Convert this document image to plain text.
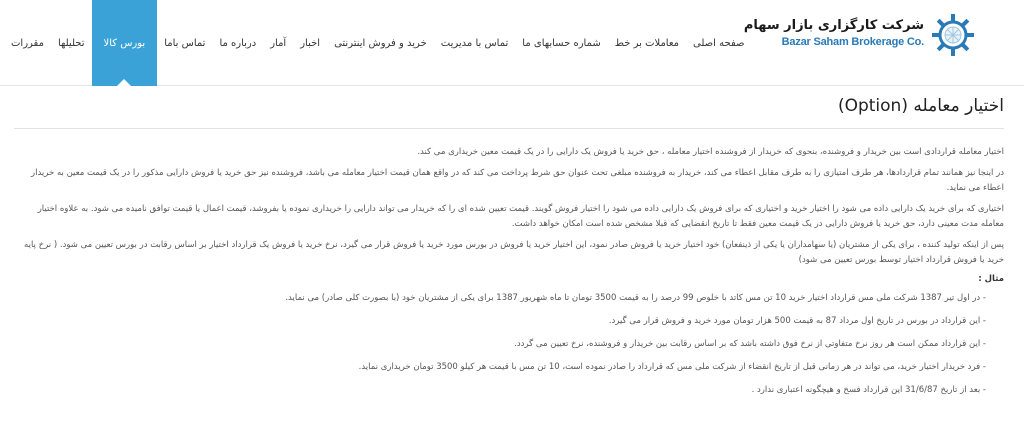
مقررات	تحلیلها	بورس کالا	تماس باما	درباره ما	آمار	اخبار	خرید و فروش اینترنتی	تماس با مدیریت	شماره حسابهای ما	معاملات بر خط	صفحه اصلی
شرکت کارگزاری بازار سهام
Bazar Saham Brokerage Co.
اختیار معامله (Option)

اختیار معامله قراردادی است بین خریدار و فروشنده، بنحوی که خریدار از فروشنده اختیار معامله ، حق خرید یا فروش یک دارایی را در یک قیمت معین خریداری می کند.

در اینجا نیز همانند تمام قراردادها، هر طرف امتیازی را به طرف مقابل اعطاء می کند، خریدار به فروشنده مبلغی تحت عنوان حق شرط پرداخت می کند که در واقع همان قیمت اختیار معامله می باشد، فروشنده نیز حق خرید یا فروش دارایی مذکور را در یک قیمت معین به خریدار اعطاء می نماید.

اختیاری که برای خرید یک دارایی داده می شود را اختیار خرید و اختیاری که برای فروش یک دارایی داده می شود را اختیار فروش گویند. قیمت تعیین شده ای را که خریدار می تواند دارایی را خریداری نموده یا بفروشد، قیمت اعمال یا قیمت توافق نامیده می شود. به علاوه اختیار معامله مدت معینی دارد، حق خرید یا فروش دارایی در یک قیمت معین فقط تا تاریخ انقضایی که قبلا مشخص شده است امکان خواهد داشت.

پس از اینکه تولید کننده ، برای یکی از مشتریان (یا سهامداران یا یکی از ذینفعان) خود اختیار خرید یا فروش صادر نمود، این اختیار خرید یا فروش در بورس مورد خرید یا فروش قرار می گیرد، نرخ خرید یا فروش یک قرارداد اختیار بر اساس رقابت در بورس تعیین می شود. ( نرخ پایه خرید یا فروش قرارداد اختیار توسط بورس تعیین می شود)

مثال :
- در اول تیر 1387 شرکت ملی مس قرارداد اختیار خرید 10 تن مس کاتد با خلوص 99 درصد را به قیمت 3500 تومان تا ماه شهریور 1387 برای یکی از مشتریان خود (با بصورت کلی صادر) می نماید.
- این قرارداد در بورس در تاریخ اول مرداد 87 به قیمت 500 هزار تومان مورد خرید و فروش قرار می گیرد.
- این قرارداد ممکن است هر روز نرخ متفاوتی از نرخ فوق داشته باشد که بر اساس رقابت بین خریدار و فروشنده، نرخ تعیین می گردد.
- فرد خریدار اختیار خرید، می تواند در هر زمانی قبل از تاریخ انقضاء از شرکت ملی مس که قرارداد را صادر نموده است، 10 تن مس با قیمت هر کیلو 3500 تومان خریداری نماید.
- بعد از تاریخ 31/6/87 این قرارداد فسخ و هیچگونه اعتباری ندارد .
